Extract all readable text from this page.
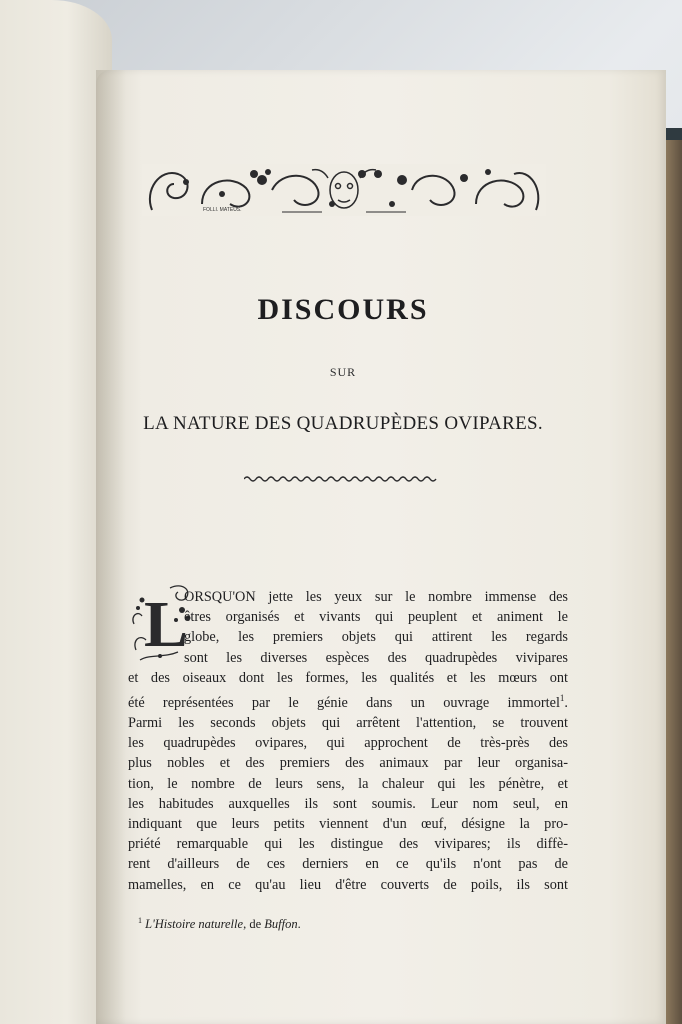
FOLLI. MATEUS.
DISCOURS
SUR
LA NATURE DES QUADRUPÈDES OVIPARES.
L
ORSQU'ON jette les yeux sur le nombre immense des
êtres organisés et vivants qui peuplent et animent le
globe, les premiers objets qui attirent les regards
sont les diverses espèces des quadrupèdes vivipares
et des oiseaux dont les formes, les qualités et les mœurs ont
été représentées par le génie dans un ouvrage immortel$^1$.
Parmi les seconds objets qui arrêtent l'attention, se trouvent
les quadrupèdes ovipares, qui approchent de très-près des
plus nobles et des premiers des animaux par leur organisa-
tion, le nombre de leurs sens, la chaleur qui les pénètre, et
les habitudes auxquelles ils sont soumis. Leur nom seul, en
indiquant que leurs petits viennent d'un œuf, désigne la pro-
priété remarquable qui les distingue des vivipares; ils diffè-
rent d'ailleurs de ces derniers en ce qu'ils n'ont pas de
mamelles, en ce qu'au lieu d'être couverts de poils, ils sont
$^1$ L'Histoire naturelle, de Buffon.
